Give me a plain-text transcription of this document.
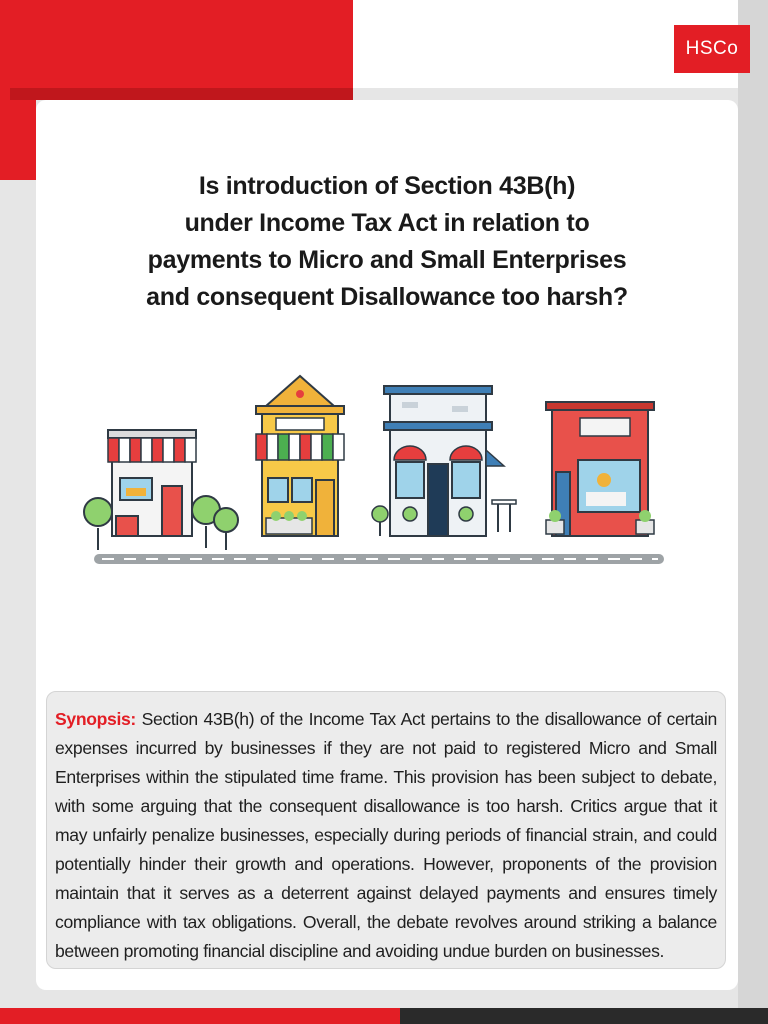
HSCo
Is introduction of Section 43B(h)
under Income Tax Act in relation to
payments to Micro and Small Enterprises
and consequent Disallowance too harsh?

Synopsis: Section 43B(h) of the Income Tax Act pertains to the disallowance of certain expenses incurred by businesses if they are not paid to registered Micro and Small Enterprises within the stipulated time frame. This provision has been subject to debate, with some arguing that the consequent disallowance is too harsh. Critics argue that it may unfairly penalize businesses, especially during periods of financial strain, and could potentially hinder their growth and operations. However, proponents of the provision maintain that it serves as a deterrent against delayed payments and ensures timely compliance with tax obligations. Overall, the debate revolves around striking a balance between promoting financial discipline and avoiding undue burden on businesses.
